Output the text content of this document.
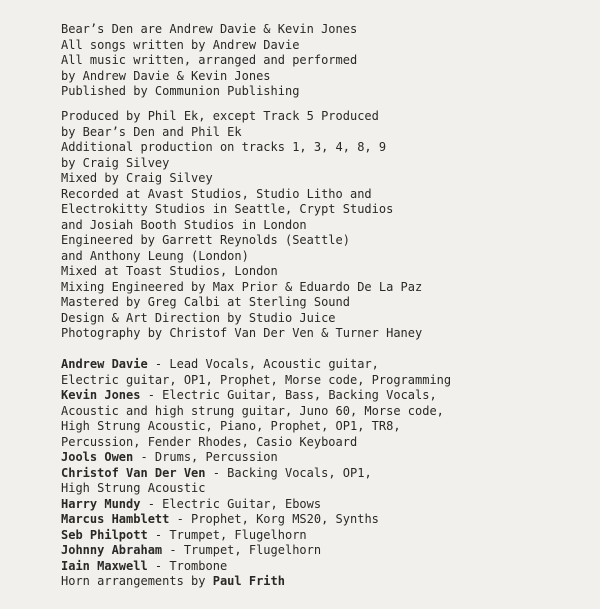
Bear’s Den are Andrew Davie & Kevin Jones
All songs written by Andrew Davie
All music written, arranged and performed
by Andrew Davie & Kevin Jones
Published by Communion Publishing
Produced by Phil Ek, except Track 5 Produced
by Bear’s Den and Phil Ek
Additional production on tracks 1, 3, 4, 8, 9
by Craig Silvey
Mixed by Craig Silvey
Recorded at Avast Studios, Studio Litho and
Electrokitty Studios in Seattle, Crypt Studios
and Josiah Booth Studios in London
Engineered by Garrett Reynolds (Seattle)
and Anthony Leung (London)
Mixed at Toast Studios, London
Mixing Engineered by Max Prior & Eduardo De La Paz
Mastered by Greg Calbi at Sterling Sound
Design & Art Direction by Studio Juice
Photography by Christof Van Der Ven & Turner Haney
Andrew Davie - Lead Vocals, Acoustic guitar,
Electric guitar, OP1, Prophet, Morse code, Programming
Kevin Jones - Electric Guitar, Bass, Backing Vocals,
Acoustic and high strung guitar, Juno 60, Morse code,
High Strung Acoustic, Piano, Prophet, OP1, TR8,
Percussion, Fender Rhodes, Casio Keyboard
Jools Owen - Drums, Percussion
Christof Van Der Ven - Backing Vocals, OP1,
High Strung Acoustic
Harry Mundy - Electric Guitar, Ebows
Marcus Hamblett - Prophet, Korg MS20, Synths
Seb Philpott - Trumpet, Flugelhorn
Johnny Abraham - Trumpet, Flugelhorn
Iain Maxwell - Trombone
Horn arrangements by Paul Frith
